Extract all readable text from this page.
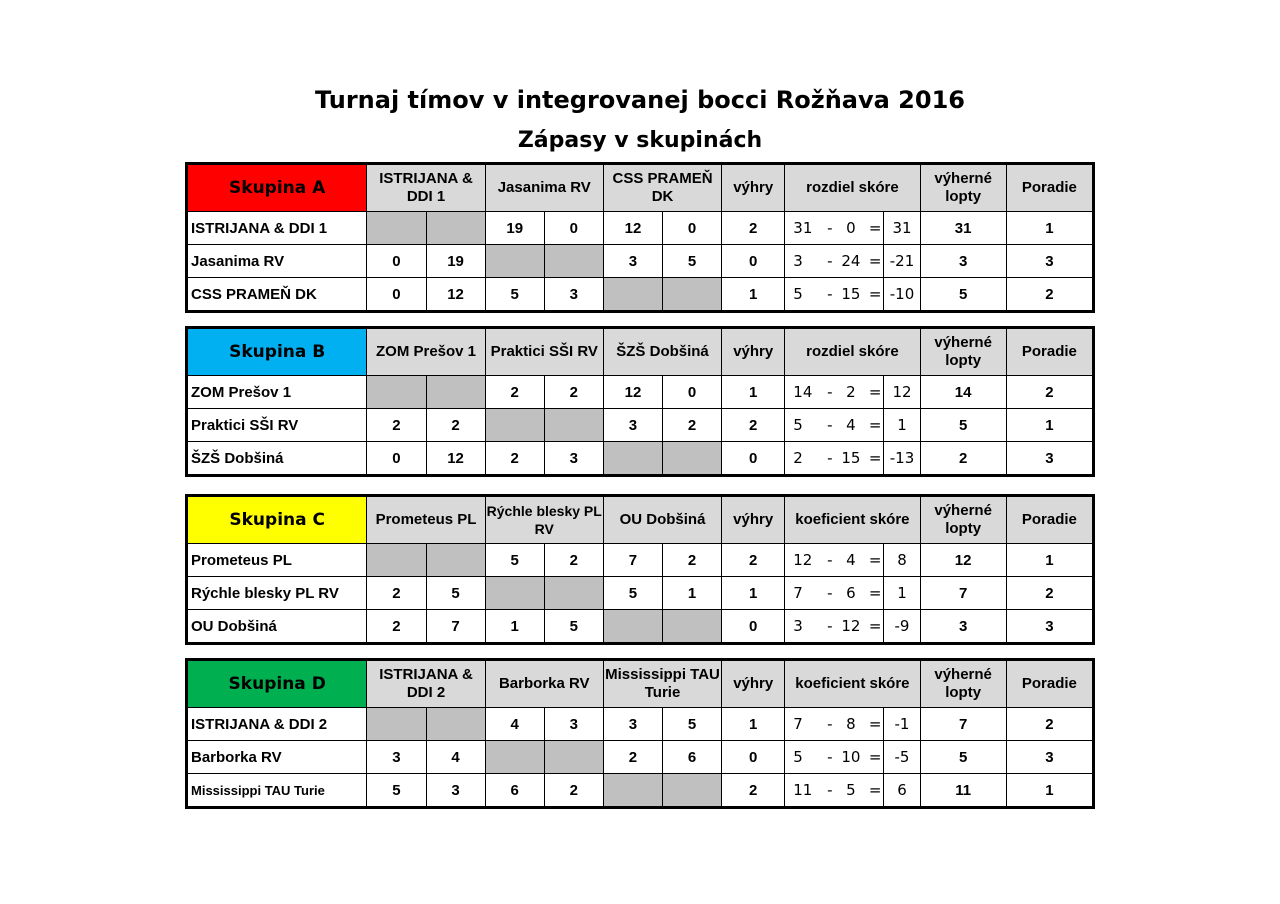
Turnaj tímov v integrovanej bocci Rožňava 2016
Zápasy v skupinách
Skupina A	ISTRIJANA & DDI 1		Jasanima RV		CSS PRAMEŇ DK		výhry	rozdiel skóre					výherné lopty	Poradie
ISTRIJANA & DDI 1			19	0	12	0	2	31	-	0	=	31	31	1
Jasanima RV	0	19			3	5	0	3	-	24	=	-21	3	3
CSS PRAMEŇ DK	0	12	5	3			1	5	-	15	=	-10	5	2
Skupina B	ZOM Prešov 1		Praktici SŠI RV		ŠZŠ Dobšiná		výhry	rozdiel skóre					výherné lopty	Poradie
ZOM Prešov 1			2	2	12	0	1	14	-	2	=	12	14	2
Praktici SŠI RV	2	2			3	2	2	5	-	4	=	1	5	1
ŠZŠ Dobšiná	0	12	2	3			0	2	-	15	=	-13	2	3
Skupina C	Prometeus PL		Rýchle blesky PL RV		OU Dobšiná		výhry	koeficient skóre					výherné lopty	Poradie
Prometeus PL			5	2	7	2	2	12	-	4	=	8	12	1
Rýchle blesky PL RV	2	5			5	1	1	7	-	6	=	1	7	2
OU Dobšiná	2	7	1	5			0	3	-	12	=	-9	3	3
Skupina D	ISTRIJANA & DDI 2		Barborka RV		Mississippi TAU Turie		výhry	koeficient skóre					výherné lopty	Poradie
ISTRIJANA & DDI 2			4	3	3	5	1	7	-	8	=	-1	7	2
Barborka RV	3	4			2	6	0	5	-	10	=	-5	5	3
Mississippi TAU Turie	5	3	6	2			2	11	-	5	=	6	11	1
